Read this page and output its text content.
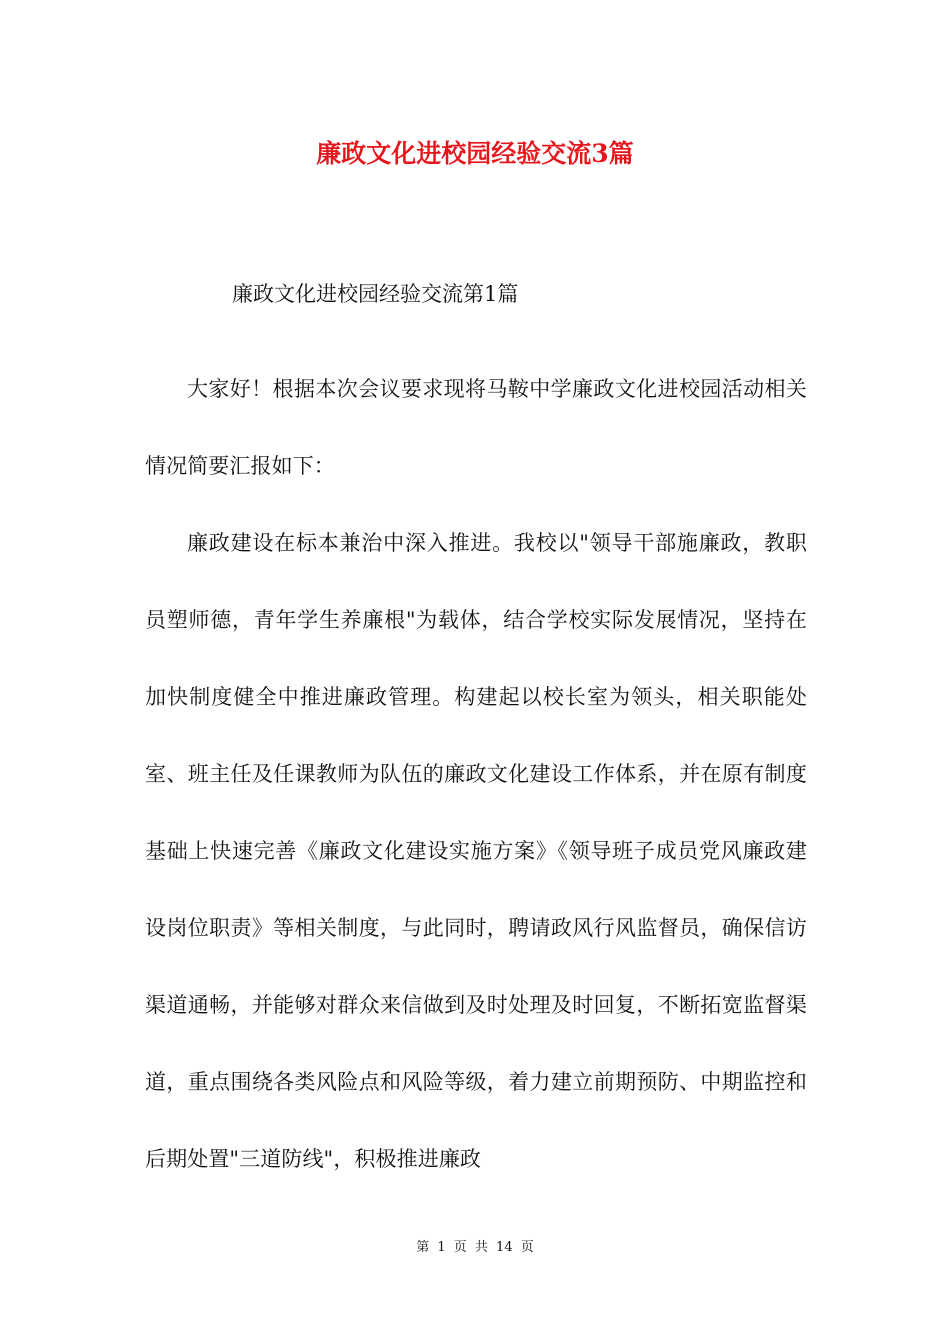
廉政文化进校园经验交流3篇
廉政文化进校园经验交流第1篇

大家好！根据本次会议要求现将马鞍中学廉政文化进校园活动相关情况简要汇报如下：

廉政建设在标本兼治中深入推进。我校以"领导干部施廉政，教职员塑师德，青年学生养廉根"为载体，结合学校实际发展情况，坚持在加快制度健全中推进廉政管理。构建起以校长室为领头，相关职能处室、班主任及任课教师为队伍的廉政文化建设工作体系，并在原有制度基础上快速完善《廉政文化建设实施方案》《领导班子成员党风廉政建设岗位职责》等相关制度，与此同时，聘请政风行风监督员，确保信访渠道通畅，并能够对群众来信做到及时处理及时回复，不断拓宽监督渠道，重点围绕各类风险点和风险等级，着力建立前期预防、中期监控和后期处置"三道防线"，积极推进廉政

第 1 页 共 14 页
